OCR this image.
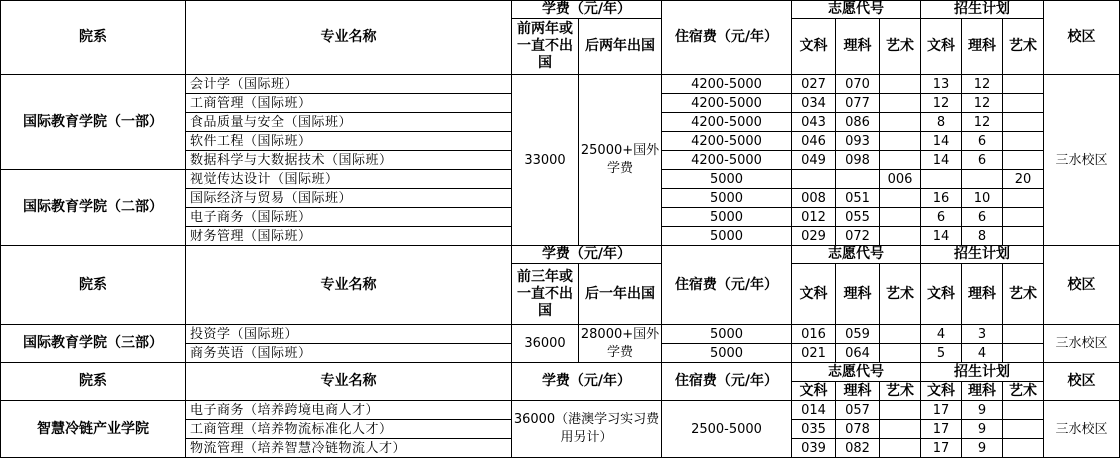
院系	专业名称	学费（元/年）		住宿费（元/年）	志愿代号			招生计划			校区
		前两年或一直不出国	后两年出国		文科	理科	艺术	文科	理科	艺术	

国际教育学院（一部）	会计学（国际班）	33000	25000+国外学费	4200-5000	027	070		13	12		三水校区
	工商管理（国际班）			4200-5000	034	077		12	12		
	食品质量与安全（国际班）			4200-5000	043	086		8	12		
	软件工程（国际班）			4200-5000	046	093		14	6		
	数据科学与大数据技术（国际班）			4200-5000	049	098		14	6		
国际教育学院（二部）	视觉传达设计（国际班）			5000			006			20	
	国际经济与贸易（国际班）			5000	008	051		16	10		
	电子商务（国际班）			5000	012	055		6	6		
	财务管理（国际班）			5000	029	072		14	8		
院系	专业名称	学费（元/年）		住宿费（元/年）	志愿代号			招生计划			校区
		前三年或一直不出国	后一年出国		文科	理科	艺术	文科	理科	艺术	

国际教育学院（三部）	投资学（国际班）	36000	28000+国外学费	5000	016	059		4	3		三水校区
	商务英语（国际班）			5000	021	064		5	4		
院系	专业名称	学费（元/年）		住宿费（元/年）	志愿代号			招生计划			校区
					文科	理科	艺术	文科	理科	艺术	
智慧冷链产业学院	电子商务（培养跨境电商人才）	36000（港澳学习实习费用另计）		2500-5000	014	057		17	9		三水校区
	工商管理（培养物流标准化人才）				035	078		17	9		
	物流管理（培养智慧冷链物流人才）				039	082		17	9		
